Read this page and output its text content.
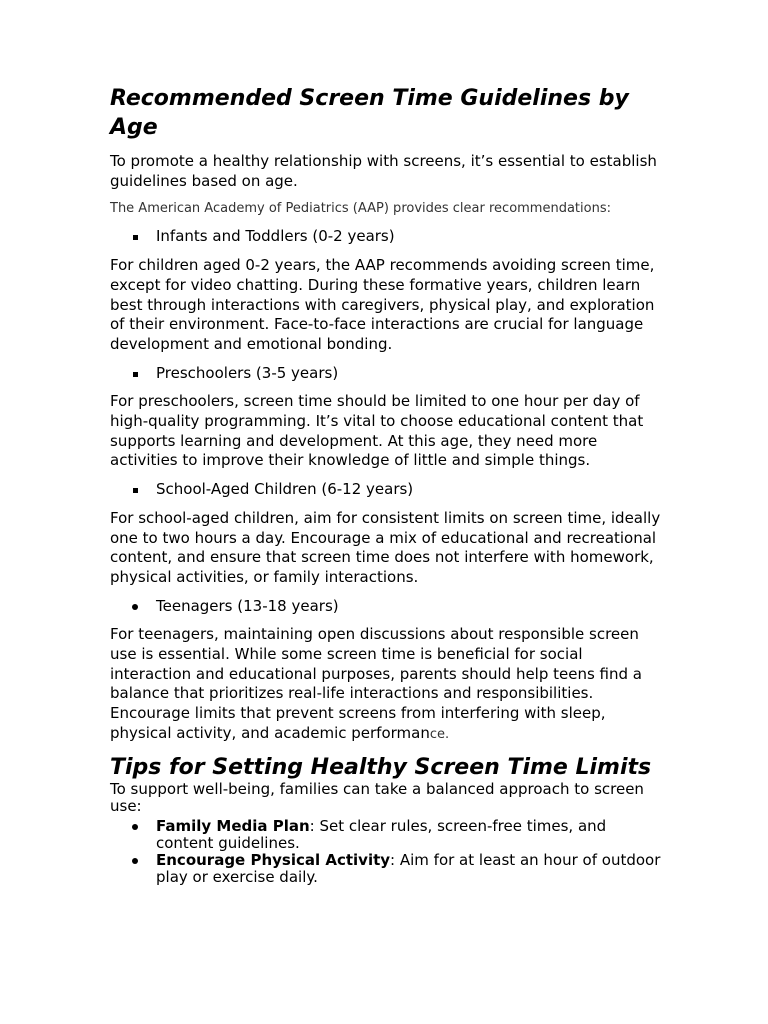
Recommended Screen Time Guidelines by Age

To promote a healthy relationship with screens, it’s essential to establish guidelines based on age.

The American Academy of Pediatrics (AAP) provides clear recommendations:

Infants and Toddlers (0-2 years)

For children aged 0-2 years, the AAP recommends avoiding screen time, except for video chatting. During these formative years, children learn best through interactions with caregivers, physical play, and exploration of their environment. Face-to-face interactions are crucial for language development and emotional bonding.

Preschoolers (3-5 years)

For preschoolers, screen time should be limited to one hour per day of high-quality programming. It’s vital to choose educational content that supports learning and development. At this age, they need more activities to improve their knowledge of little and simple things.

School-Aged Children (6-12 years)

For school-aged children, aim for consistent limits on screen time, ideally one to two hours a day. Encourage a mix of educational and recreational content, and ensure that screen time does not interfere with homework, physical activities, or family interactions.

Teenagers (13-18 years)

For teenagers, maintaining open discussions about responsible screen use is essential. While some screen time is beneficial for social interaction and educational purposes, parents should help teens find a balance that prioritizes real-life interactions and responsibilities. Encourage limits that prevent screens from interfering with sleep, physical activity, and academic performance.

Tips for Setting Healthy Screen Time Limits

To support well-being, families can take a balanced approach to screen use:

Family Media Plan: Set clear rules, screen-free times, and content guidelines.
Encourage Physical Activity: Aim for at least an hour of outdoor play or exercise daily.
